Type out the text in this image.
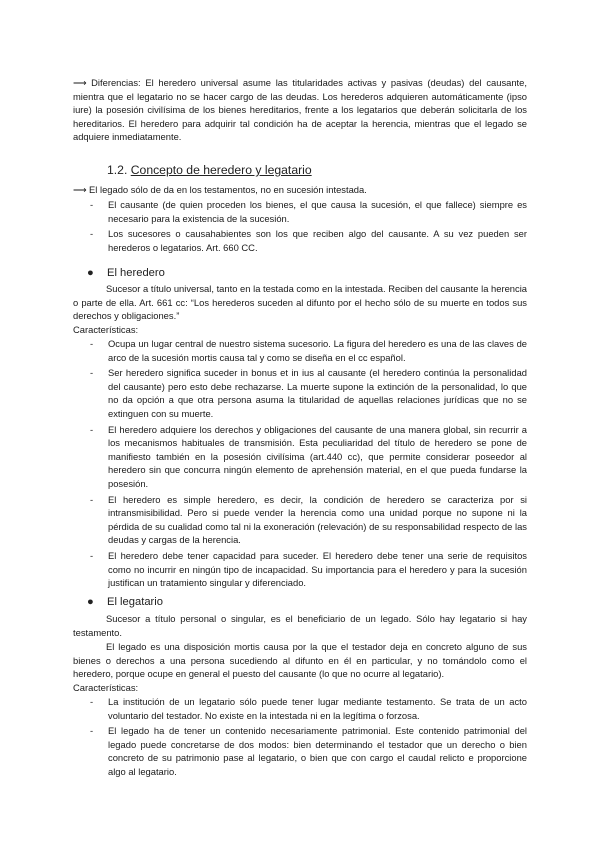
⟶ Diferencias: El heredero universal asume las titularidades activas y pasivas (deudas) del causante, mientra que el legatario no se hacer cargo de las deudas. Los herederos adquieren automáticamente (ipso iure) la posesión civilísima de los bienes hereditarios, frente a los legatarios que deberán solicitarla de los hereditarios. El heredero para adquirir tal condición ha de aceptar la herencia, mientras que el legado se adquiere inmediatamente.

1.2. Concepto de heredero y legatario

⟶ El legado sólo de da en los testamentos, no en sucesión intestada.

- El causante (de quien proceden los bienes, el que causa la sucesión, el que fallece) siempre es necesario para la existencia de la sucesión.
- Los sucesores o causahabientes son los que reciben algo del causante. A su vez pueden ser herederos o legatarios. Art. 660 CC.
● El heredero

Sucesor a título universal, tanto en la testada como en la intestada. Reciben del causante la herencia o parte de ella. Art. 661 cc: “Los herederos suceden al difunto por el hecho sólo de su muerte en todos sus derechos y obligaciones.”

Características:

- Ocupa un lugar central de nuestro sistema sucesorio. La figura del heredero es una de las claves de arco de la sucesión mortis causa tal y como se diseña en el cc español.
- Ser heredero significa suceder in bonus et in ius al causante (el heredero continúa la personalidad del causante) pero esto debe rechazarse. La muerte supone la extinción de la personalidad, lo que no da opción a que otra persona asuma la titularidad de aquellas relaciones jurídicas que no se extinguen con su muerte.
- El heredero adquiere los derechos y obligaciones del causante de una manera global, sin recurrir a los mecanismos habituales de transmisión. Esta peculiaridad del título de heredero se pone de manifiesto también en la posesión civilísima (art.440 cc), que permite considerar poseedor al heredero sin que concurra ningún elemento de aprehensión material, en el que pueda fundarse la posesión.
- El heredero es simple heredero, es decir, la condición de heredero se caracteriza por si intransmisibilidad. Pero si puede vender la herencia como una unidad porque no supone ni la pérdida de su cualidad como tal ni la exoneración (relevación) de su responsabilidad respecto de las deudas y cargas de la herencia.
- El heredero debe tener capacidad para suceder. El heredero debe tener una serie de requisitos como no incurrir en ningún tipo de incapacidad. Su importancia para el heredero y para la sucesión justifican un tratamiento singular y diferenciado.
● El legatario

Sucesor a título personal o singular, es el beneficiario de un legado. Sólo hay legatario si hay testamento.

El legado es una disposición mortis causa por la que el testador deja en concreto alguno de sus bienes o derechos a una persona sucediendo al difunto en él en particular, y no tomándolo como el heredero, porque ocupe en general el puesto del causante (lo que no ocurre al legatario).

Características:

- La institución de un legatario sólo puede tener lugar mediante testamento. Se trata de un acto voluntario del testador. No existe en la intestada ni en la legítima o forzosa.
- El legado ha de tener un contenido necesariamente patrimonial. Este contenido patrimonial del legado puede concretarse de dos modos: bien determinando el testador que un derecho o bien concreto de su patrimonio pase al legatario, o bien que con cargo el caudal relicto e proporcione algo al legatario.
